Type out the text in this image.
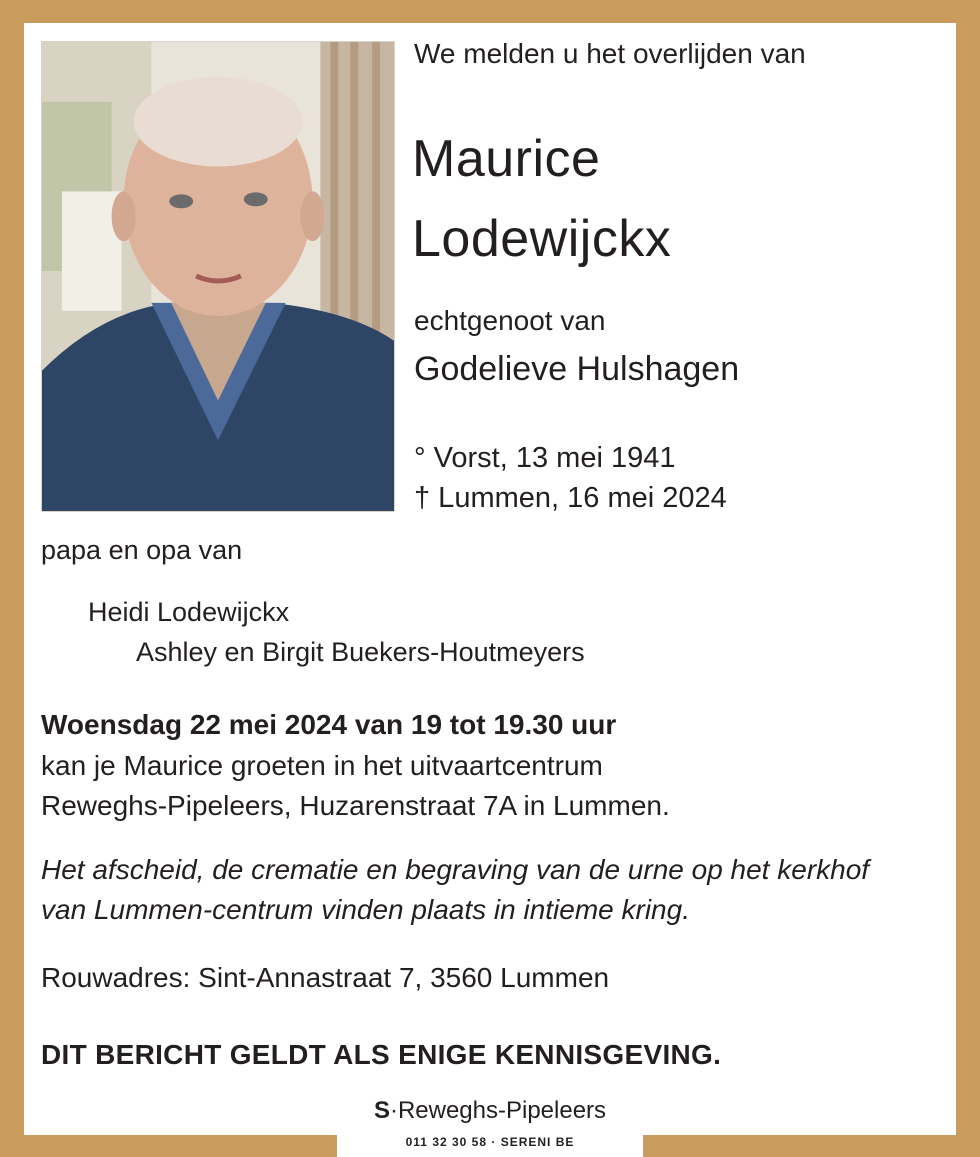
We melden u het overlijden van

Maurice

Lodewijckx

echtgenoot van

Godelieve Hulshagen

° Vorst, 13 mei 1941

† Lummen, 16 mei 2024

papa en opa van

Heidi Lodewijckx

Ashley en Birgit Buekers-Houtmeyers

Woensdag 22 mei 2024 van 19 tot 19.30 uur

kan je Maurice groeten in het uitvaartcentrum

Reweghs-Pipeleers, Huzarenstraat 7A in Lummen.

Het afscheid, de crematie en begraving van de urne op het kerkhof

van Lummen-centrum vinden plaats in intieme kring.

Rouwadres: Sint-Annastraat 7, 3560 Lummen

DIT BERICHT GELDT ALS ENIGE KENNISGEVING.

S·Reweghs-Pipeleers
011 32 30 58 · SERENI BE
